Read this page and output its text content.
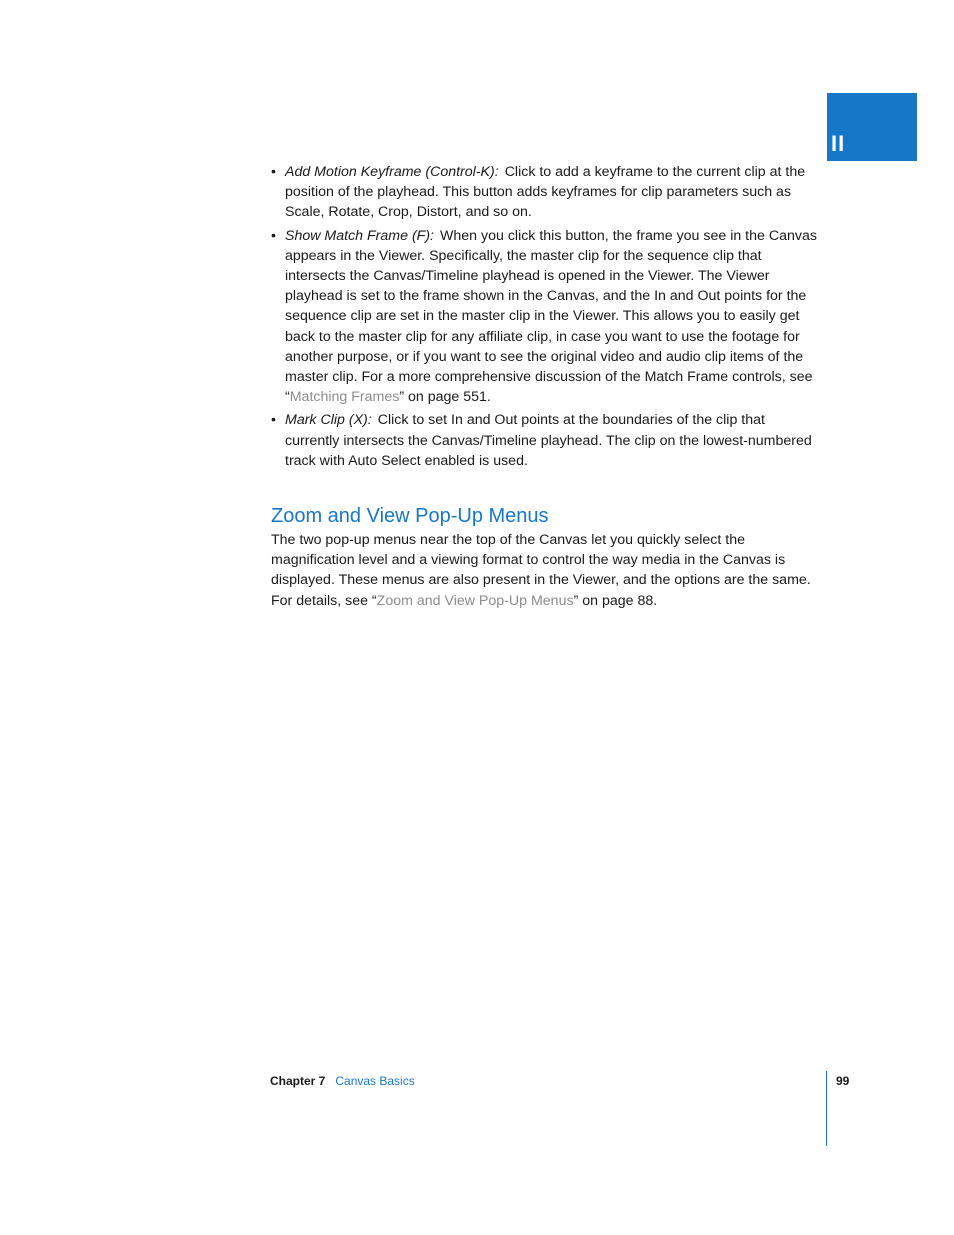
II
• Add Motion Keyframe (Control-K): Click to add a keyframe to the current clip at the position of the playhead. This button adds keyframes for clip parameters such as Scale, Rotate, Crop, Distort, and so on.
• Show Match Frame (F): When you click this button, the frame you see in the Canvas appears in the Viewer. Specifically, the master clip for the sequence clip that intersects the Canvas/Timeline playhead is opened in the Viewer. The Viewer playhead is set to the frame shown in the Canvas, and the In and Out points for the sequence clip are set in the master clip in the Viewer. This allows you to easily get back to the master clip for any affiliate clip, in case you want to use the footage for another purpose, or if you want to see the original video and audio clip items of the master clip. For a more comprehensive discussion of the Match Frame controls, see “Matching Frames” on page 551.
• Mark Clip (X): Click to set In and Out points at the boundaries of the clip that currently intersects the Canvas/Timeline playhead. The clip on the lowest-numbered track with Auto Select enabled is used.
Zoom and View Pop-Up Menus

The two pop-up menus near the top of the Canvas let you quickly select the magnification level and a viewing format to control the way media in the Canvas is displayed. These menus are also present in the Viewer, and the options are the same. For details, see “Zoom and View Pop-Up Menus” on page 88.

Chapter 7 Canvas Basics	99
